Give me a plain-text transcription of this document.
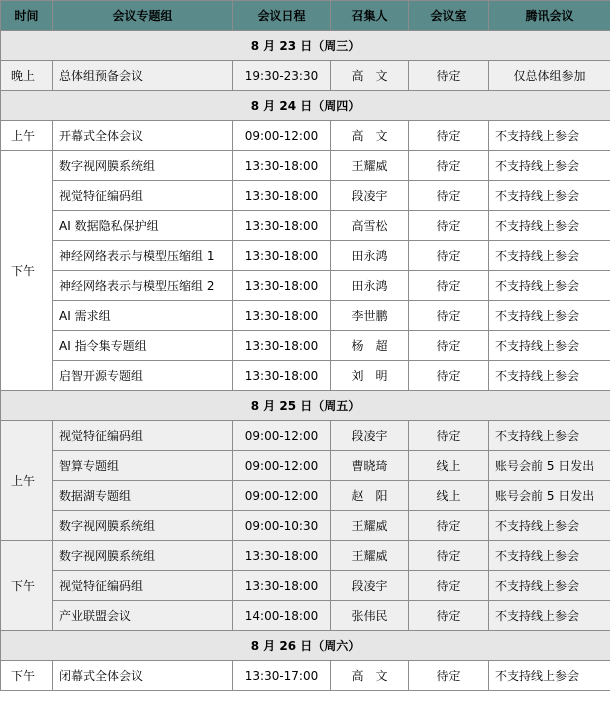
时间	会议专题组	会议日程	召集人	会议室	腾讯会议
8 月 23 日（周三）					
晚上	总体组预备会议	19:30-23:30	高　文	待定	仅总体组参加
8 月 24 日（周四）					
上午	开幕式全体会议	09:00-12:00	高　文	待定	不支持线上参会
下午	数字视网膜系统组	13:30-18:00	王耀威	待定	不支持线上参会
	视觉特征编码组	13:30-18:00	段凌宇	待定	不支持线上参会
	AI 数据隐私保护组	13:30-18:00	高雪松	待定	不支持线上参会
	神经网络表示与模型压缩组 1	13:30-18:00	田永鸿	待定	不支持线上参会
	神经网络表示与模型压缩组 2	13:30-18:00	田永鸿	待定	不支持线上参会
	AI 需求组	13:30-18:00	李世鹏	待定	不支持线上参会
	AI 指令集专题组	13:30-18:00	杨　超	待定	不支持线上参会
	启智开源专题组	13:30-18:00	刘　明	待定	不支持线上参会
8 月 25 日（周五）					
上午	视觉特征编码组	09:00-12:00	段凌宇	待定	不支持线上参会
	智算专题组	09:00-12:00	曹晓琦	线上	账号会前 5 日发出
	数据湖专题组	09:00-12:00	赵　阳	线上	账号会前 5 日发出
	数字视网膜系统组	09:00-10:30	王耀威	待定	不支持线上参会
下午	数字视网膜系统组	13:30-18:00	王耀威	待定	不支持线上参会
	视觉特征编码组	13:30-18:00	段凌宇	待定	不支持线上参会
	产业联盟会议	14:00-18:00	张伟民	待定	不支持线上参会
8 月 26 日（周六）					
下午	闭幕式全体会议	13:30-17:00	高　文	待定	不支持线上参会
